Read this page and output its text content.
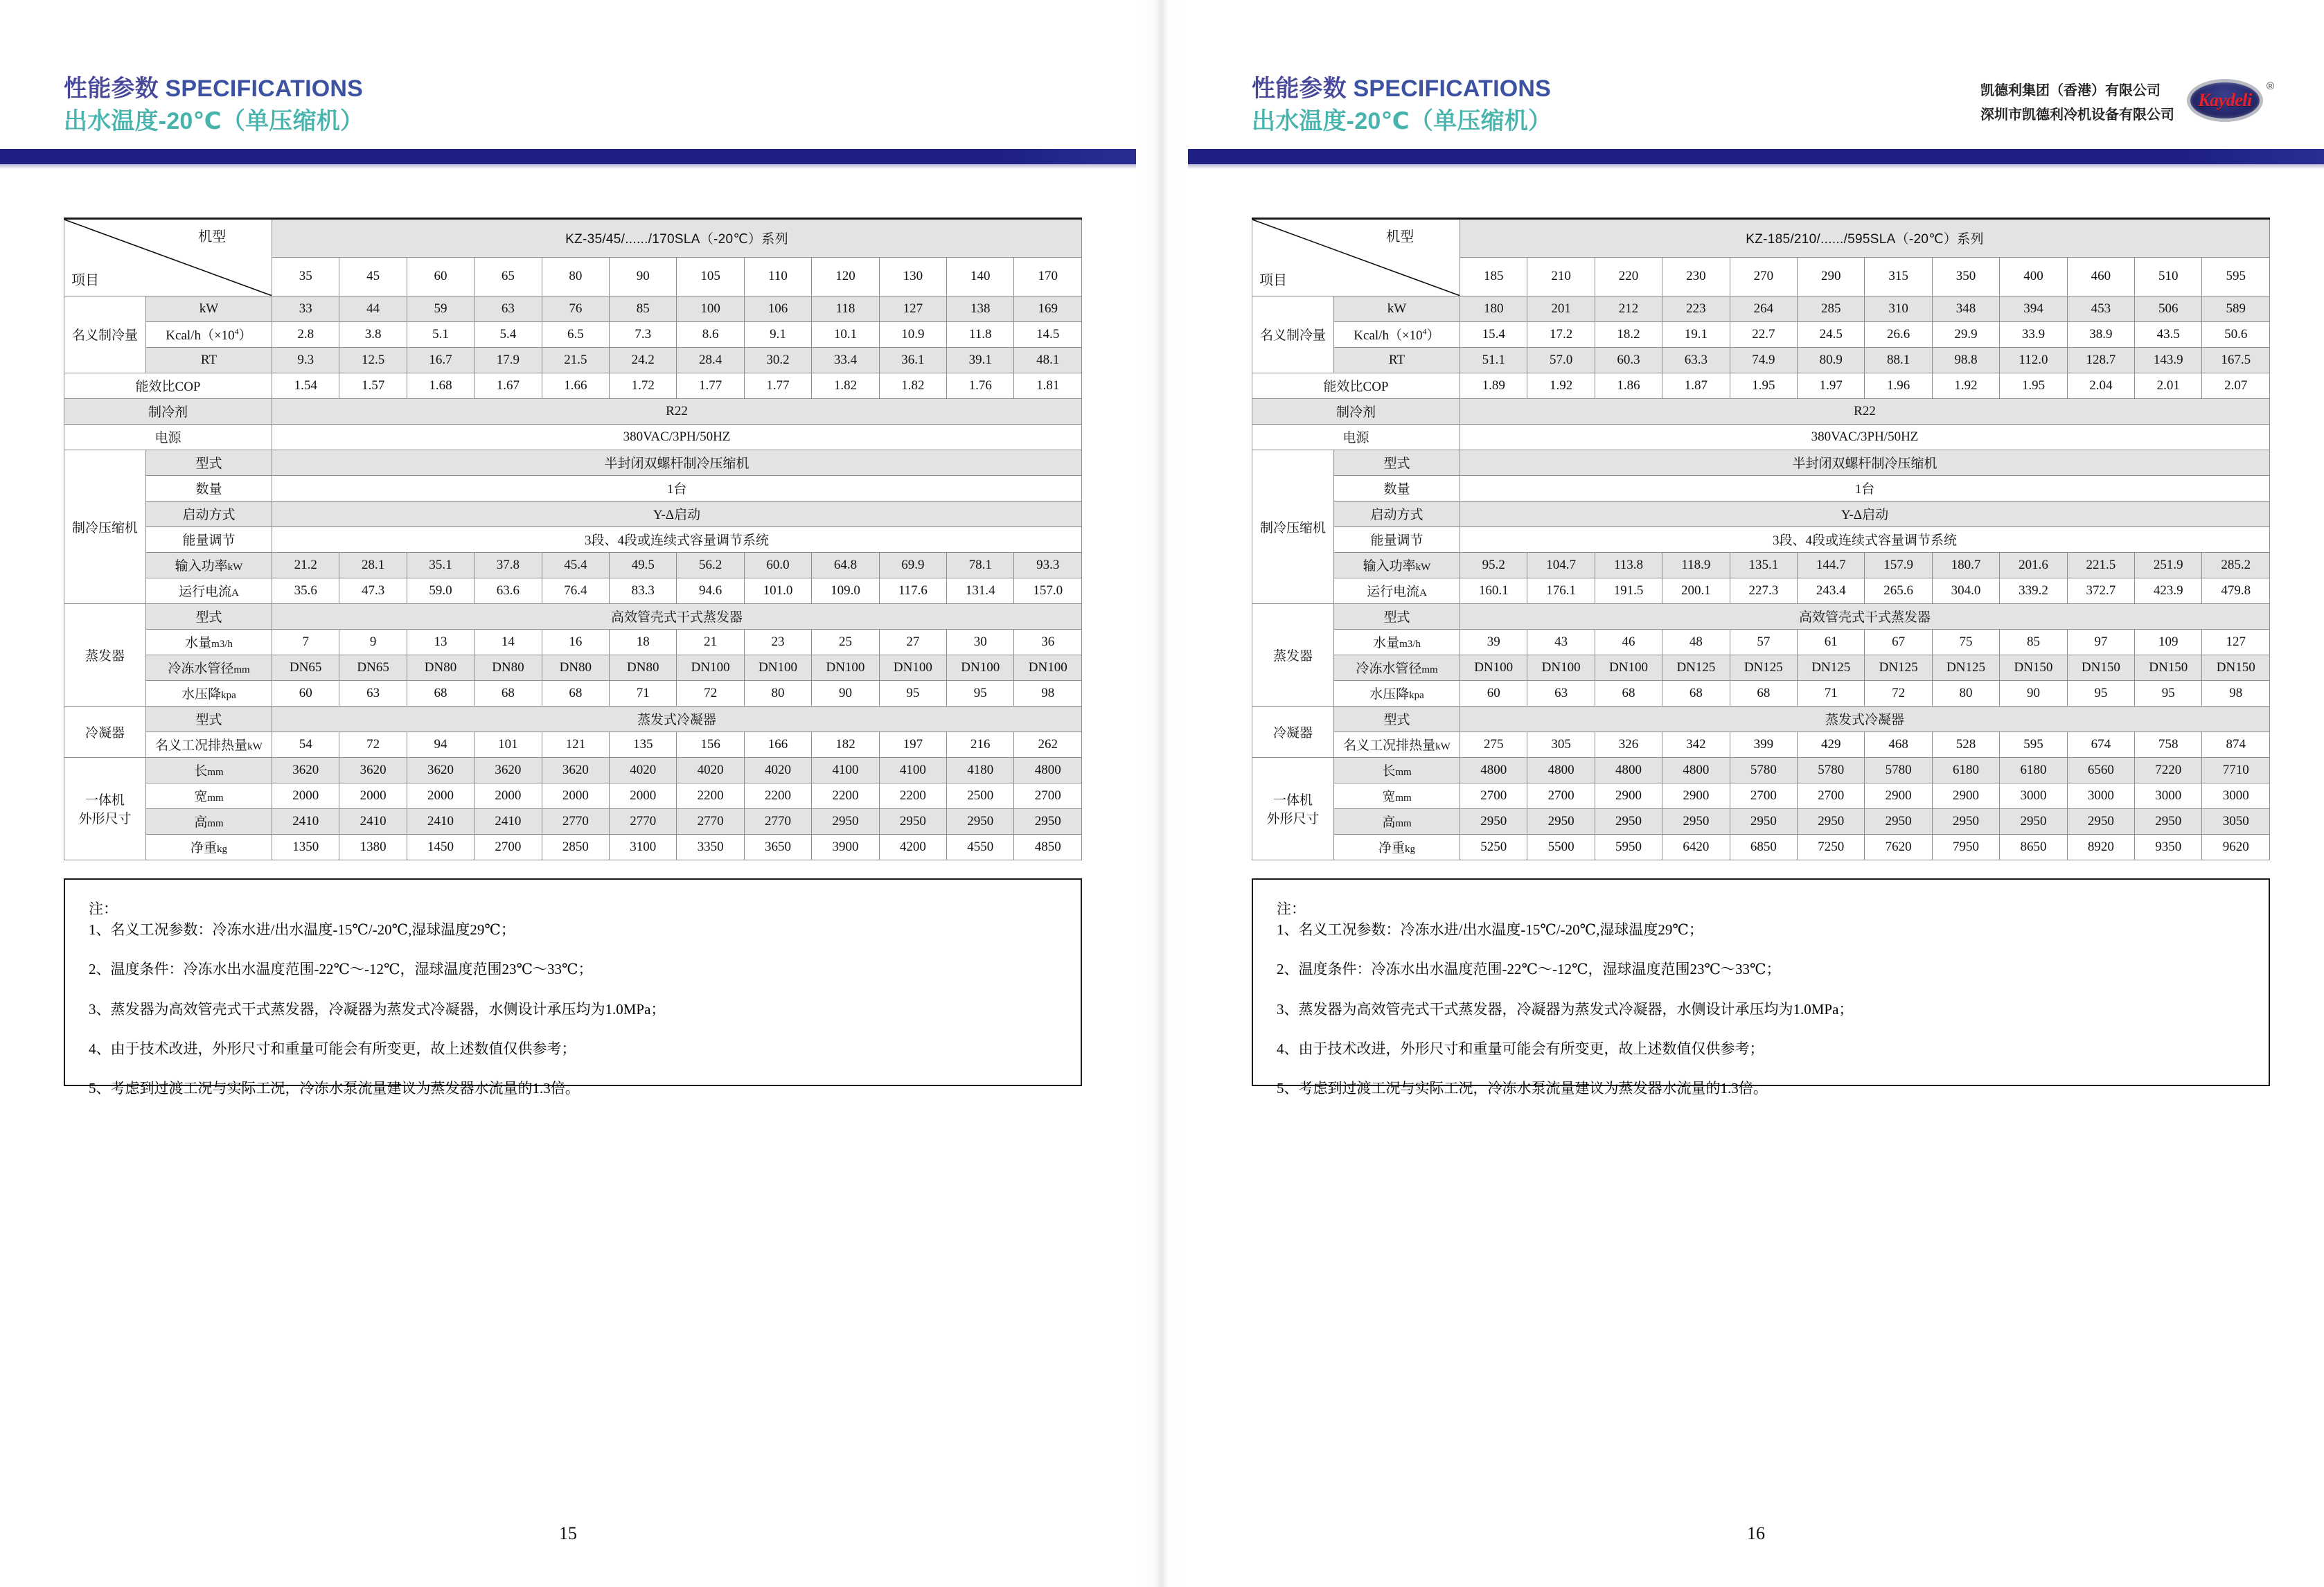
性能参数 SPECIFICATIONS
出水温度-20℃（单压缩机）
机型
项目		KZ-35/45/....../170SLA（-20℃）系列											
		35	45	60	65	80	90	105	110	120	130	140	170
名义制冷量	kW	33	44	59	63	76	85	100	106	118	127	138	169
	Kcal/$h(\times 10^4)$	2.8	3.8	5.1	5.4	6.5	7.3	8.6	9.1	10.1	10.9	11.8	14.5
	RT	9.3	12.5	16.7	17.9	21.5	24.2	28.4	30.2	33.4	36.1	39.1	48.1
能效比COP		1.54	1.57	1.68	1.67	1.66	1.72	1.77	1.77	1.82	1.82	1.76	1.81
制冷剂		R22											
电源		380VAC/3PH/50HZ											
制冷压缩机	型式	半封闭双螺杆制冷压缩机											
	数量	1台											
	启动方式	Y-Δ启动											
	能量调节	3段、4段或连续式容量调节系统											
	输入功率kW	21.2	28.1	35.1	37.8	45.4	49.5	56.2	60.0	64.8	69.9	78.1	93.3
	运行电流A	35.6	47.3	59.0	63.6	76.4	83.3	94.6	101.0	109.0	117.6	131.4	157.0
蒸发器	型式	高效管壳式干式蒸发器											
	水量m3/h	7	9	13	14	16	18	21	23	25	27	30	36
	冷冻水管径mm	DN65	DN65	DN80	DN80	DN80	DN80	DN100	DN100	DN100	DN100	DN100	DN100
	水压降kpa	60	63	68	68	68	71	72	80	90	95	95	98
冷凝器	型式	蒸发式冷凝器											
	名义工况排热量kW	54	72	94	101	121	135	156	166	182	197	216	262

一体机
外形尺寸	长mm	3620	3620	3620	3620	3620	4020	4020	4020	4100	4100	4180	4800
	宽mm	2000	2000	2000	2000	2000	2000	2200	2200	2200	2200	2500	2700
	高mm	2410	2410	2410	2410	2770	2770	2770	2770	2950	2950	2950	2950
	净重kg	1350	1380	1450	2700	2850	3100	3350	3650	3900	4200	4550	4850
注：
1、名义工况参数：冷冻水进/出水温度-15℃/-20℃,湿球温度29℃；
2、温度条件：冷冻水出水温度范围-22℃～-12℃，湿球温度范围23℃～33℃；
3、蒸发器为高效管壳式干式蒸发器，冷凝器为蒸发式冷凝器，水侧设计承压均为1.0MPa；
4、由于技术改进，外形尺寸和重量可能会有所变更，故上述数值仅供参考；
5、考虑到过渡工况与实际工况，冷冻水泵流量建议为蒸发器水流量的1.3倍。
15
性能参数 SPECIFICATIONS
出水温度-20℃（单压缩机）
凯德利集团（香港）有限公司
深圳市凯德利冷机设备有限公司
Kaydeli
®
机型
项目		KZ-185/210/....../595SLA（-20℃）系列											
		185	210	220	230	270	290	315	350	400	460	510	595
名义制冷量	kW	180	201	212	223	264	285	310	348	394	453	506	589
	Kcal/$h(\times 10^4)$	15.4	17.2	18.2	19.1	22.7	24.5	26.6	29.9	33.9	38.9	43.5	50.6
	RT	51.1	57.0	60.3	63.3	74.9	80.9	88.1	98.8	112.0	128.7	143.9	167.5
能效比COP		1.89	1.92	1.86	1.87	1.95	1.97	1.96	1.92	1.95	2.04	2.01	2.07
制冷剂		R22											
电源		380VAC/3PH/50HZ											
制冷压缩机	型式	半封闭双螺杆制冷压缩机											
	数量	1台											
	启动方式	Y-Δ启动											
	能量调节	3段、4段或连续式容量调节系统											
	输入功率kW	95.2	104.7	113.8	118.9	135.1	144.7	157.9	180.7	201.6	221.5	251.9	285.2
	运行电流A	160.1	176.1	191.5	200.1	227.3	243.4	265.6	304.0	339.2	372.7	423.9	479.8
蒸发器	型式	高效管壳式干式蒸发器											
	水量m3/h	39	43	46	48	57	61	67	75	85	97	109	127
	冷冻水管径mm	DN100	DN100	DN100	DN125	DN125	DN125	DN125	DN125	DN150	DN150	DN150	DN150
	水压降kpa	60	63	68	68	68	71	72	80	90	95	95	98
冷凝器	型式	蒸发式冷凝器											
	名义工况排热量kW	275	305	326	342	399	429	468	528	595	674	758	874

一体机
外形尺寸	长mm	4800	4800	4800	4800	5780	5780	5780	6180	6180	6560	7220	7710
	宽mm	2700	2700	2900	2900	2700	2700	2900	2900	3000	3000	3000	3000
	高mm	2950	2950	2950	2950	2950	2950	2950	2950	2950	2950	2950	3050
	净重kg	5250	5500	5950	6420	6850	7250	7620	7950	8650	8920	9350	9620
注：
1、名义工况参数：冷冻水进/出水温度-15℃/-20℃,湿球温度29℃；
2、温度条件：冷冻水出水温度范围-22℃～-12℃，湿球温度范围23℃～33℃；
3、蒸发器为高效管壳式干式蒸发器，冷凝器为蒸发式冷凝器，水侧设计承压均为1.0MPa；
4、由于技术改进，外形尺寸和重量可能会有所变更，故上述数值仅供参考；
5、考虑到过渡工况与实际工况，冷冻水泵流量建议为蒸发器水流量的1.3倍。
16
